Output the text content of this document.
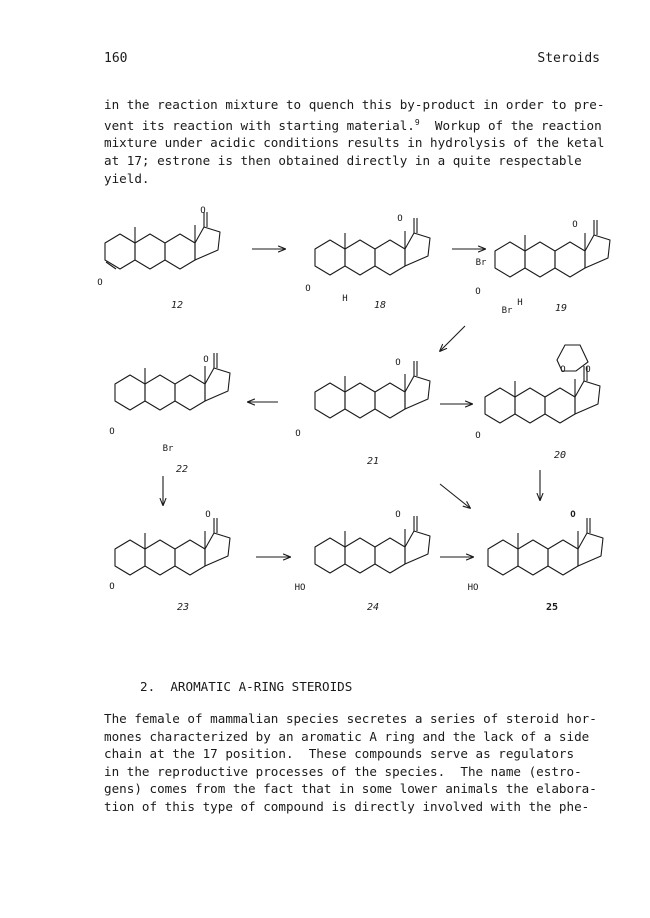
160	Steroids

in the reaction mixture to quench this by-product in order to pre-
vent its reaction with starting material.$^9$ Workup of the reaction
mixture under acidic conditions results in hydrolysis of the ketal
at 17; estrone is then obtained directly in a quite respectable
yield.

O
O
12
O
O
H
18
O
O
Br
Br
H	19
O
O
Br
22
O
O
21
O O
O
20
O
O
23
O
HO
24
O
HO
25
2. AROMATIC A-RING STEROIDS

The female of mammalian species secretes a series of steroid hor-
mones characterized by an aromatic A ring and the lack of a side
chain at the 17 position.  These compounds serve as regulators
in the reproductive processes of the species.  The name (estro-
gens) comes from the fact that in some lower animals the elabora-
tion of this type of compound is directly involved with the phe-
